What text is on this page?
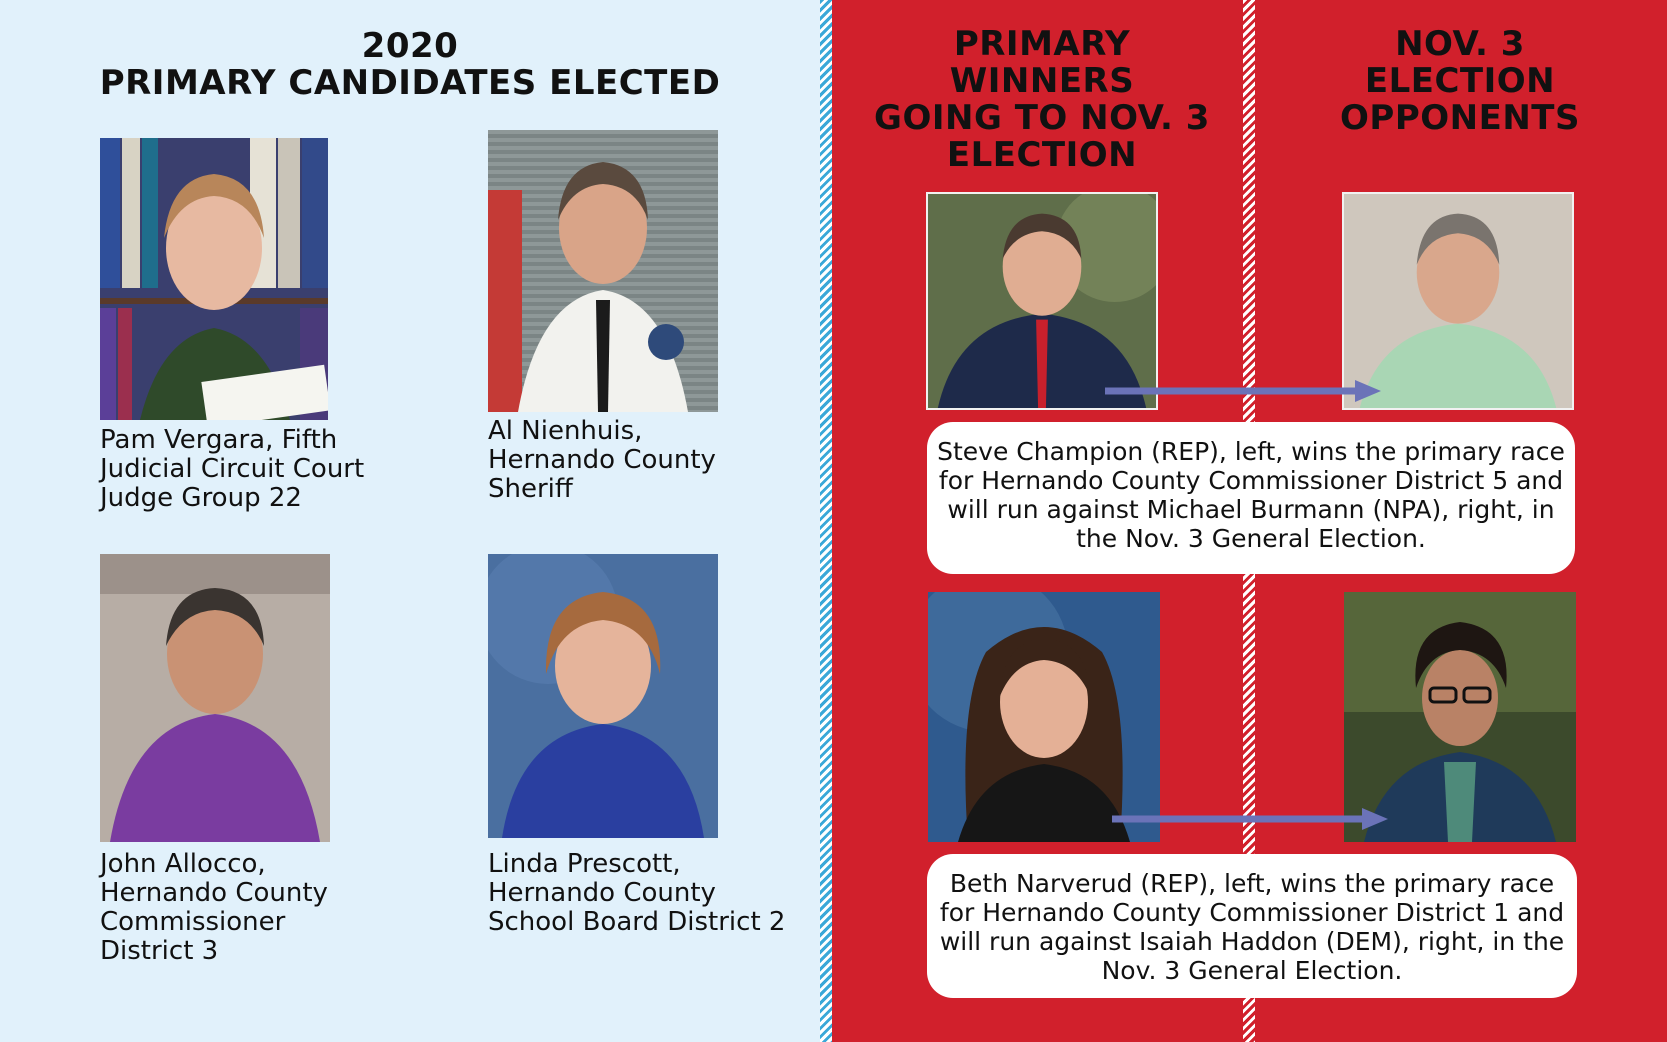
2020
PRIMARY CANDIDATES ELECTED
PRIMARY WINNERS
GOING TO NOV. 3
ELECTION
NOV. 3
ELECTION
OPPONENTS

Pam Vergara, Fifth
Judicial Circuit Court
Judge Group 22

Al Nienhuis,
Hernando County
Sheriff

John Allocco,
Hernando County
Commissioner
District 3

Linda Prescott,
Hernando County
School Board District 2

Steve Champion (REP), left, wins the primary race for Hernando County Commissioner District 5 and will run against Michael Burmann (NPA), right, in the Nov. 3 General Election.
Beth Narverud (REP), left, wins the primary race for Hernando County Commissioner District 1 and will run against Isaiah Haddon (DEM), right, in the Nov. 3 General Election.
